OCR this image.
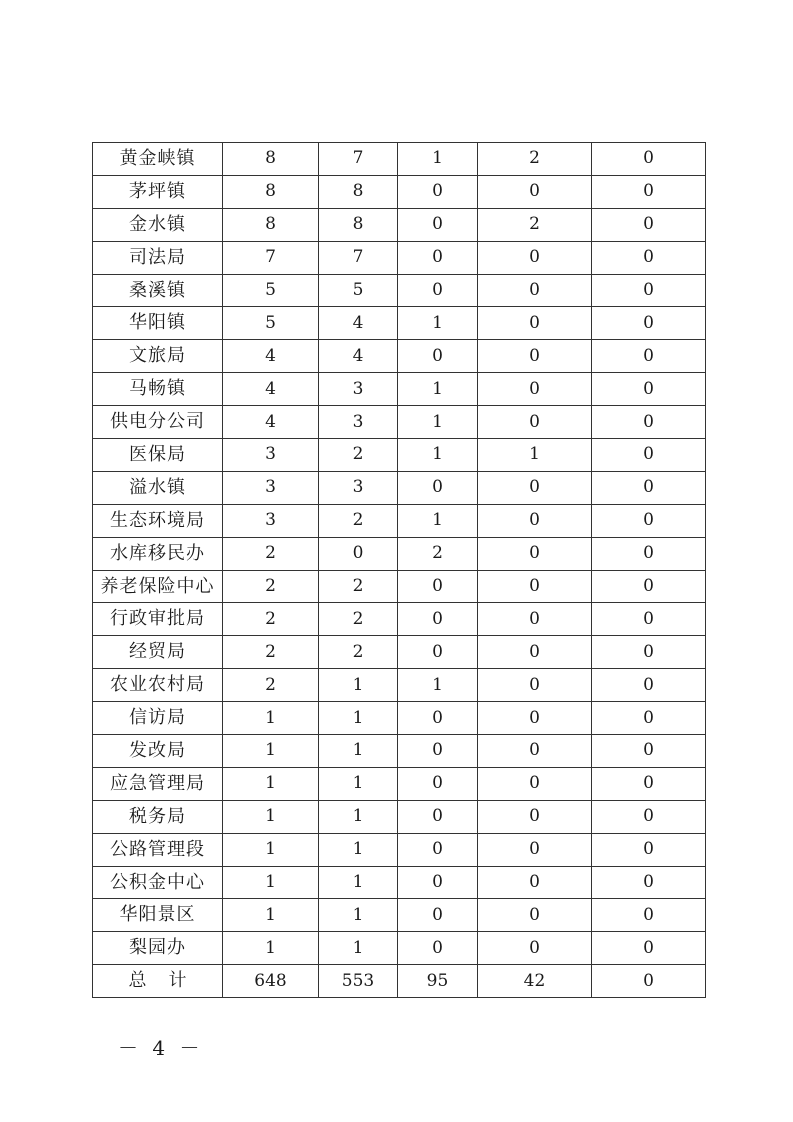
黄金峡镇	8	7	1	2	0
茅坪镇	8	8	0	0	0
金水镇	8	8	0	2	0
司法局	7	7	0	0	0
桑溪镇	5	5	0	0	0
华阳镇	5	4	1	0	0
文旅局	4	4	0	0	0
马畅镇	4	3	1	0	0
供电分公司	4	3	1	0	0
医保局	3	2	1	1	0
溢水镇	3	3	0	0	0
生态环境局	3	2	1	0	0
水库移民办	2	0	2	0	0
养老保险中心	2	2	0	0	0
行政审批局	2	2	0	0	0
经贸局	2	2	0	0	0
农业农村局	2	1	1	0	0
信访局	1	1	0	0	0
发改局	1	1	0	0	0
应急管理局	1	1	0	0	0
税务局	1	1	0	0	0
公路管理段	1	1	0	0	0
公积金中心	1	1	0	0	0
华阳景区	1	1	0	0	0
梨园办	1	1	0	0	0
总计	648	553	95	42	0
－ 4 －
